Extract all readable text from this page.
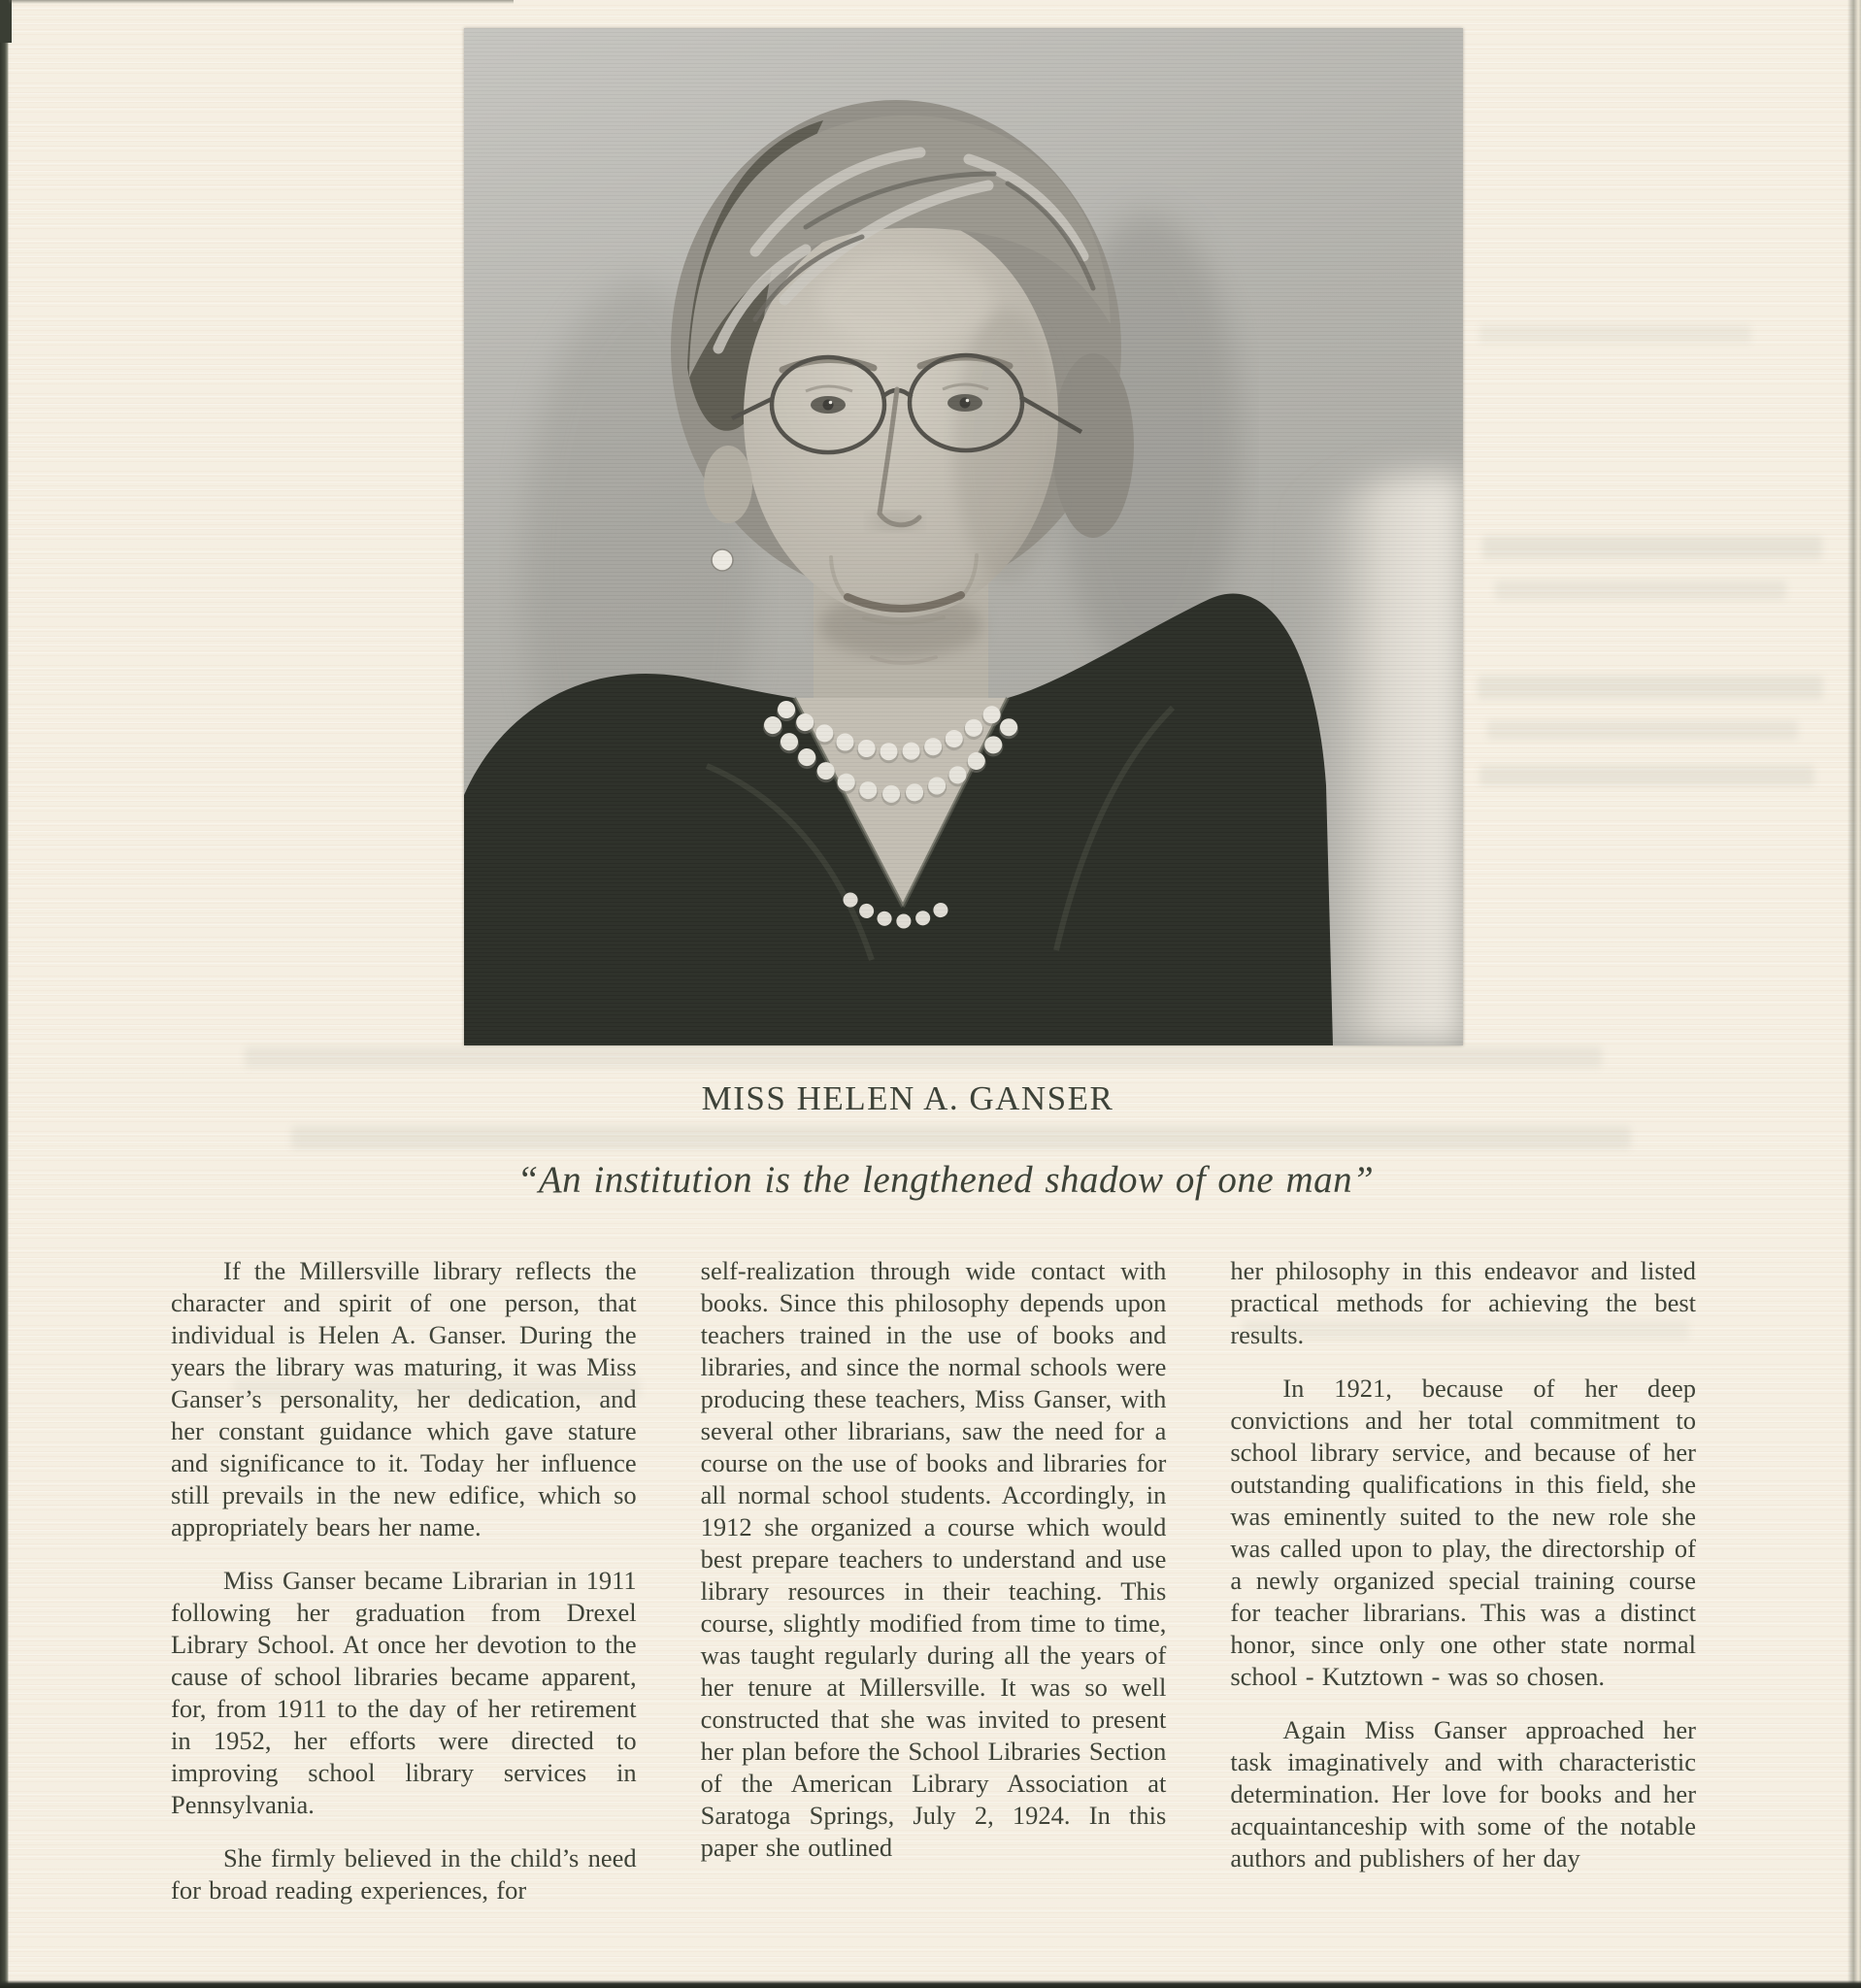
MISS HELEN A. GANSER
“An institution is the lengthened shadow of one man”

If the Millersville library reflects the character and spirit of one person, that individual is Helen A. Ganser. During the years the library was maturing, it was Miss Ganser’s personality, her dedication, and her constant guidance which gave stature and significance to it. Today her influence still prevails in the new edifice, which so appropriately bears her name.

Miss Ganser became Librarian in 1911 following her graduation from Drexel Library School. At once her devotion to the cause of school libraries became apparent, for, from 1911 to the day of her retirement in 1952, her efforts were directed to improving school library services in Pennsylvania.

She firmly believed in the child’s need for broad reading experiences, for

self-realization through wide contact with books. Since this philosophy depends upon teachers trained in the use of books and libraries, and since the normal schools were producing these teachers, Miss Ganser, with several other librarians, saw the need for a course on the use of books and libraries for all normal school students. Accordingly, in 1912 she organized a course which would best prepare teachers to understand and use library resources in their teaching. This course, slightly modified from time to time, was taught regularly during all the years of her tenure at Millersville. It was so well constructed that she was invited to present her plan before the School Libraries Section of the American Library Association at Saratoga Springs, July 2, 1924. In this paper she outlined

her philosophy in this endeavor and listed practical methods for achieving the best results.

In 1921, because of her deep convictions and her total commitment to school library service, and because of her outstanding qualifications in this field, she was eminently suited to the new role she was called upon to play, the directorship of a newly organized special training course for teacher librarians. This was a distinct honor, since only one other state normal school - Kutztown - was so chosen.

Again Miss Ganser approached her task imaginatively and with characteristic determination. Her love for books and her acquaintanceship with some of the notable authors and publishers of her day
